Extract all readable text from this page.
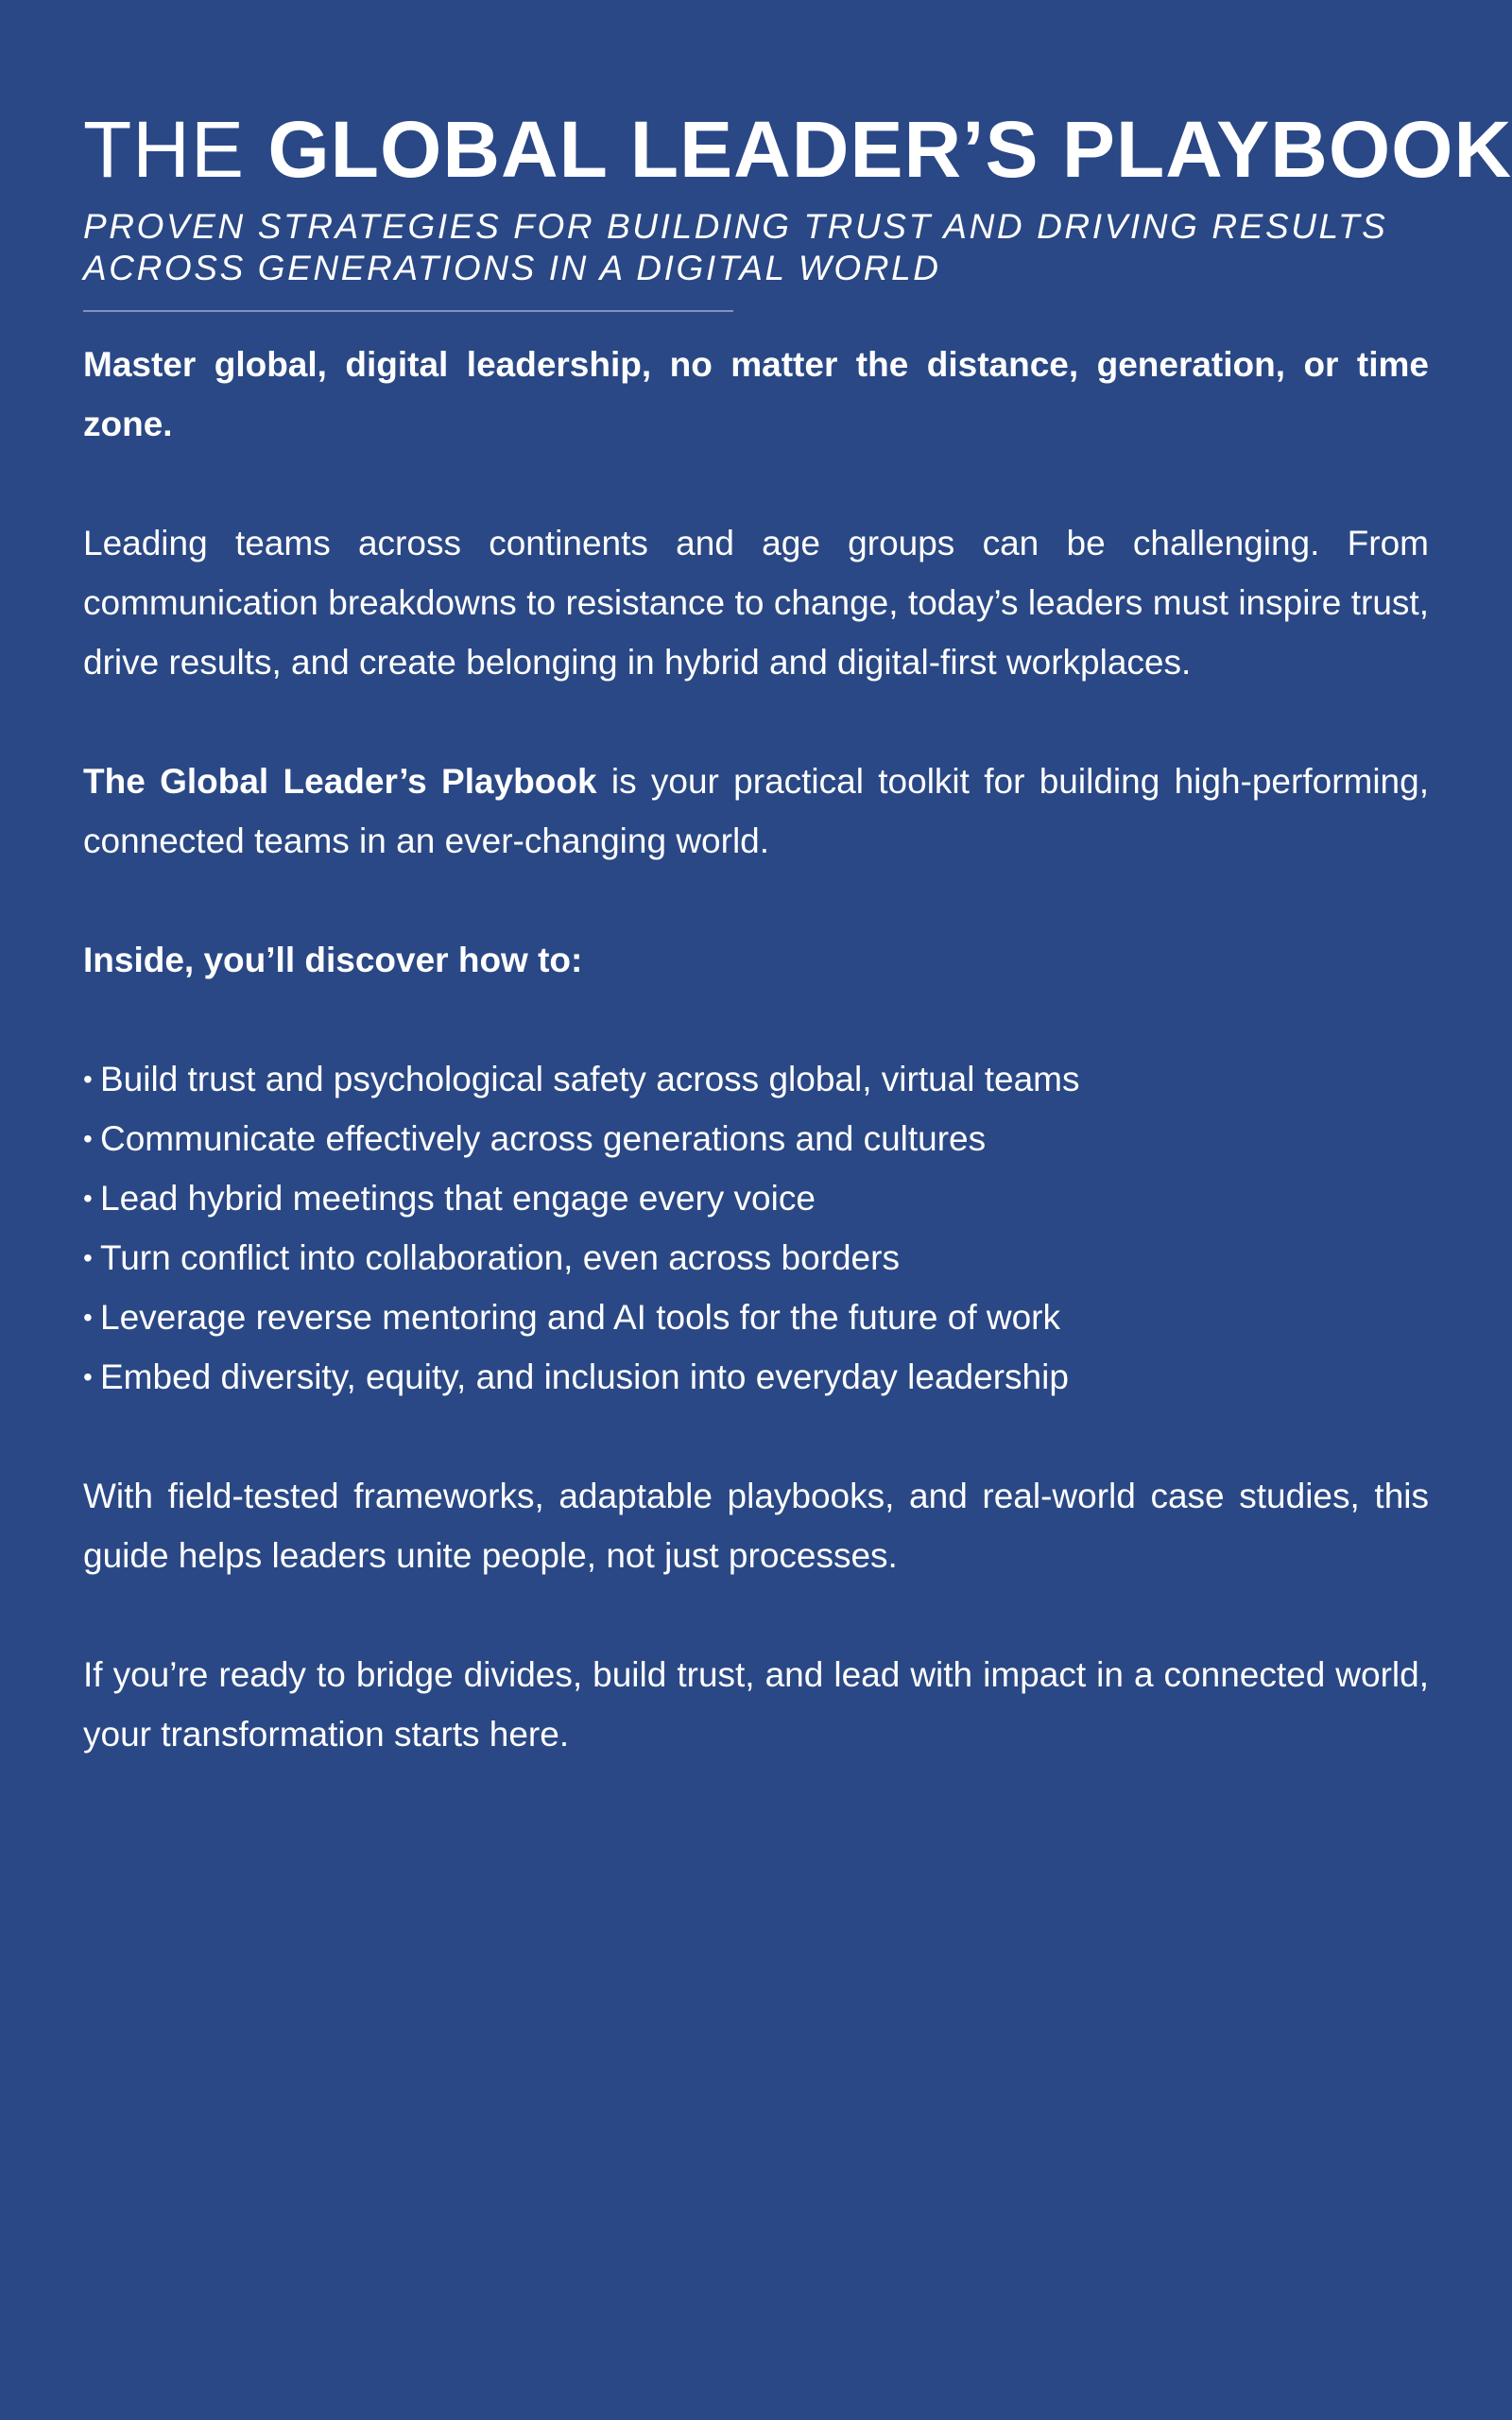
THE GLOBAL LEADER’S PLAYBOOK
PROVEN STRATEGIES FOR BUILDING TRUST AND DRIVING RESULTS ACROSS GENERATIONS IN A DIGITAL WORLD

Master global, digital leadership, no matter the distance, generation, or time zone.

Leading teams across continents and age groups can be challenging. From communication breakdowns to resistance to change, today’s leaders must inspire trust, drive results, and create belonging in hybrid and digital-first workplaces.

The Global Leader’s Playbook is your practical toolkit for building high-performing, connected teams in an ever-changing world.

Inside, you’ll discover how to:

• Build trust and psychological safety across global, virtual teams
• Communicate effectively across generations and cultures
• Lead hybrid meetings that engage every voice
• Turn conflict into collaboration, even across borders
• Leverage reverse mentoring and AI tools for the future of work
• Embed diversity, equity, and inclusion into everyday leadership

With field-tested frameworks, adaptable playbooks, and real-world case studies, this guide helps leaders unite people, not just processes.

If you’re ready to bridge divides, build trust, and lead with impact in a connected world, your transformation starts here.
